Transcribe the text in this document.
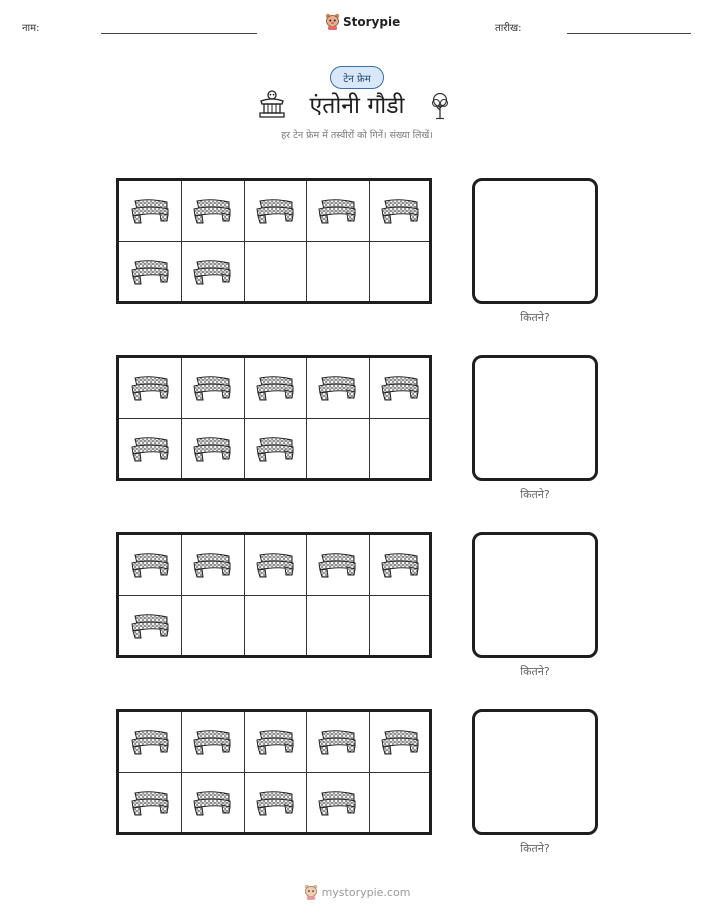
नाम:	Storypie	तारीख:
टेन फ्रेम
एंतोनी गौडी
हर टेन फ्रेम में तस्वीरों को गिनें। संख्या लिखें।
कितने?
कितने?
कितने?
कितने?
mystorypie.com
